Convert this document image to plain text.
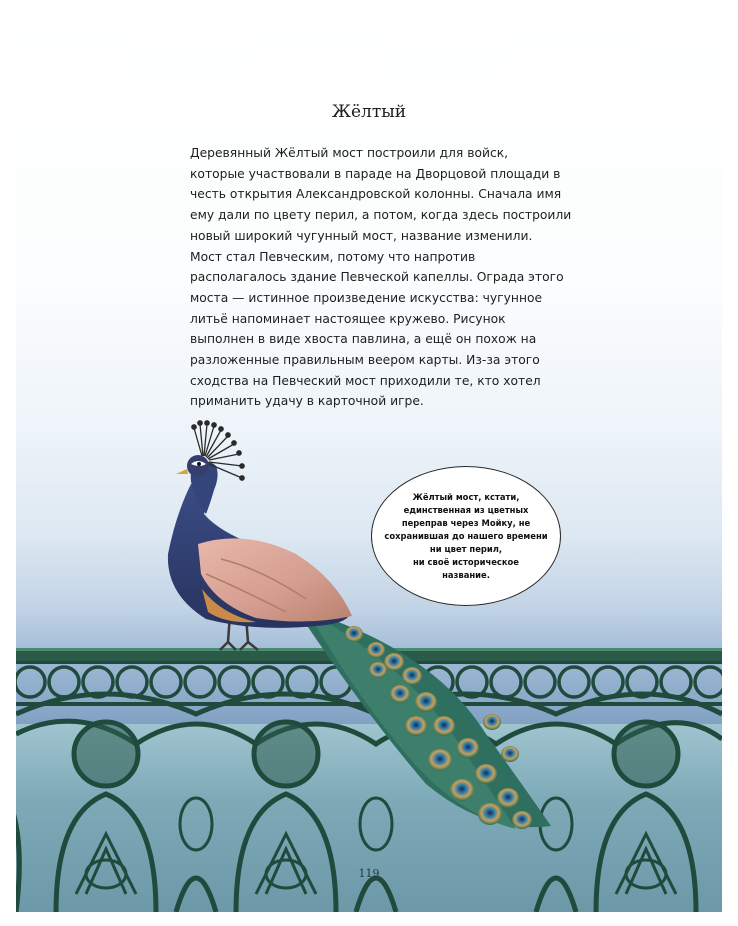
Жёлтый

Деревянный Жёлтый мост построили для войск,
которые участвовали в параде на Дворцовой площади в
честь открытия Александровской колонны. Сначала имя
ему дали по цвету перил, а потом, когда здесь построили
новый широкий чугунный мост, название изменили.
Мост стал Певческим, потому что напротив
располагалось здание Певческой капеллы. Ограда этого
моста — истинное произведение искусства: чугунное
литьё напоминает настоящее кружево. Рисунок
выполнен в виде хвоста павлина, а ещё он похож на
разложенные правильным веером карты. Из-за этого
сходства на Певческий мост приходили те, кто хотел
приманить удачу в карточной игре.

Жёлтый мост, кстати,
единственная из цветных
переправ через Мойку, не
сохранившая до нашего времени
ни цвет перил,
ни своё историческое
название.
119
